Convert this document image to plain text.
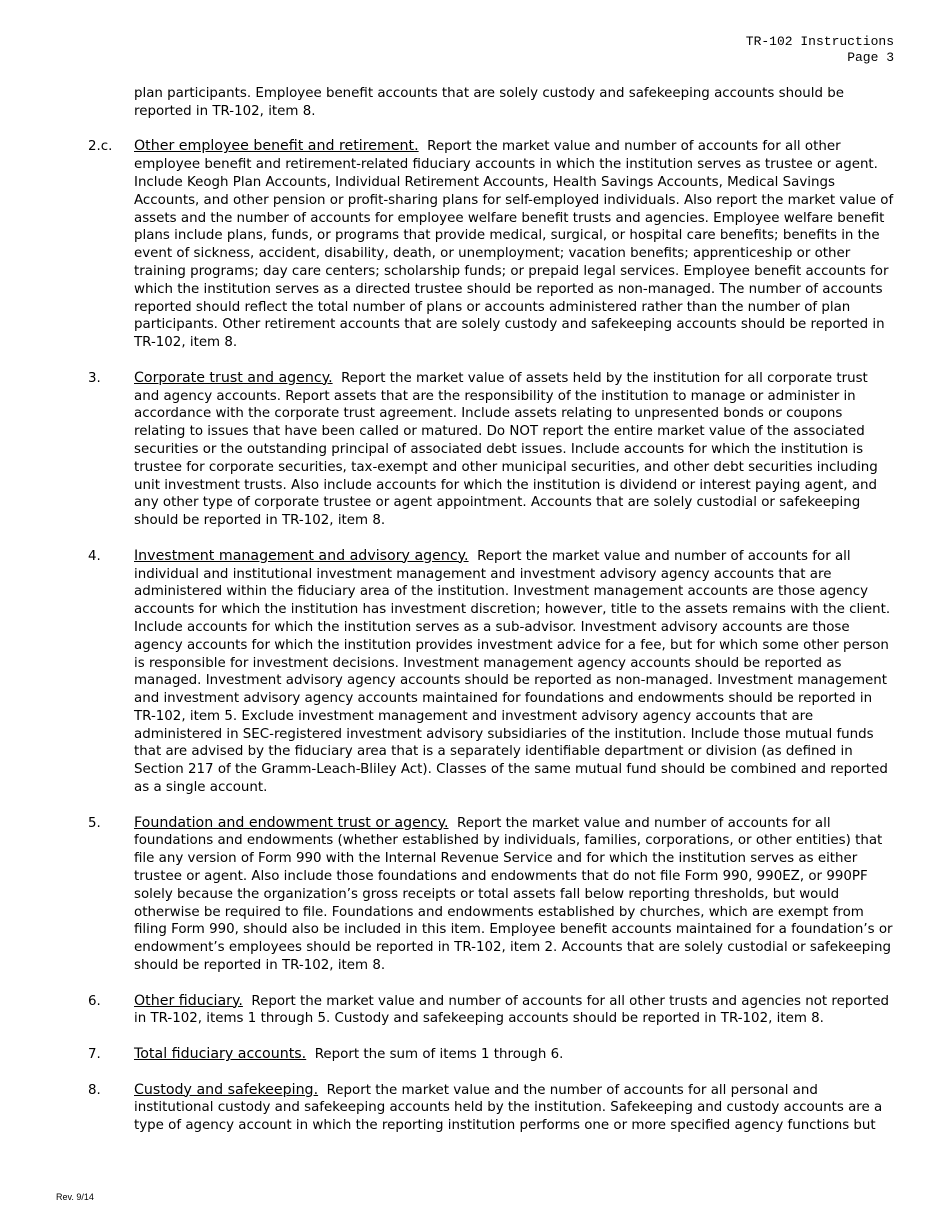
TR-102 Instructions
Page 3
plan participants. Employee benefit accounts that are solely custody and safekeeping accounts should be reported in TR-102, item 8.
2.c.	Other employee benefit and retirement. Report the market value and number of accounts for all other employee benefit and retirement-related fiduciary accounts in which the institution serves as trustee or agent. Include Keogh Plan Accounts, Individual Retirement Accounts, Health Savings Accounts, Medical Savings Accounts, and other pension or profit-sharing plans for self-employed individuals. Also report the market value of assets and the number of accounts for employee welfare benefit trusts and agencies. Employee welfare benefit plans include plans, funds, or programs that provide medical, surgical, or hospital care benefits; benefits in the event of sickness, accident, disability, death, or unemployment; vacation benefits; apprenticeship or other training programs; day care centers; scholarship funds; or prepaid legal services. Employee benefit accounts for which the institution serves as a directed trustee should be reported as non-managed. The number of accounts reported should reflect the total number of plans or accounts administered rather than the number of plan participants. Other retirement accounts that are solely custody and safekeeping accounts should be reported in TR-102, item 8.
3.	Corporate trust and agency. Report the market value of assets held by the institution for all corporate trust and agency accounts. Report assets that are the responsibility of the institution to manage or administer in accordance with the corporate trust agreement. Include assets relating to unpresented bonds or coupons relating to issues that have been called or matured. Do NOT report the entire market value of the associated securities or the outstanding principal of associated debt issues. Include accounts for which the institution is trustee for corporate securities, tax-exempt and other municipal securities, and other debt securities including unit investment trusts. Also include accounts for which the institution is dividend or interest paying agent, and any other type of corporate trustee or agent appointment. Accounts that are solely custodial or safekeeping should be reported in TR-102, item 8.
4.	Investment management and advisory agency. Report the market value and number of accounts for all individual and institutional investment management and investment advisory agency accounts that are administered within the fiduciary area of the institution. Investment management accounts are those agency accounts for which the institution has investment discretion; however, title to the assets remains with the client. Include accounts for which the institution serves as a sub-advisor. Investment advisory accounts are those agency accounts for which the institution provides investment advice for a fee, but for which some other person is responsible for investment decisions. Investment management agency accounts should be reported as managed. Investment advisory agency accounts should be reported as non-managed. Investment management and investment advisory agency accounts maintained for foundations and endowments should be reported in TR-102, item 5. Exclude investment management and investment advisory agency accounts that are administered in SEC-registered investment advisory subsidiaries of the institution. Include those mutual funds that are advised by the fiduciary area that is a separately identifiable department or division (as defined in Section 217 of the Gramm-Leach-Bliley Act). Classes of the same mutual fund should be combined and reported as a single account.
5.	Foundation and endowment trust or agency. Report the market value and number of accounts for all foundations and endowments (whether established by individuals, families, corporations, or other entities) that file any version of Form 990 with the Internal Revenue Service and for which the institution serves as either trustee or agent. Also include those foundations and endowments that do not file Form 990, 990EZ, or 990PF solely because the organization’s gross receipts or total assets fall below reporting thresholds, but would otherwise be required to file. Foundations and endowments established by churches, which are exempt from filing Form 990, should also be included in this item. Employee benefit accounts maintained for a foundation’s or endowment’s employees should be reported in TR-102, item 2. Accounts that are solely custodial or safekeeping should be reported in TR-102, item 8.
6.	Other fiduciary. Report the market value and number of accounts for all other trusts and agencies not reported in TR-102, items 1 through 5. Custody and safekeeping accounts should be reported in TR-102, item 8.
7.	Total fiduciary accounts. Report the sum of items 1 through 6.
8.	Custody and safekeeping. Report the market value and the number of accounts for all personal and institutional custody and safekeeping accounts held by the institution. Safekeeping and custody accounts are a type of agency account in which the reporting institution performs one or more specified agency functions but
Rev. 9/14
